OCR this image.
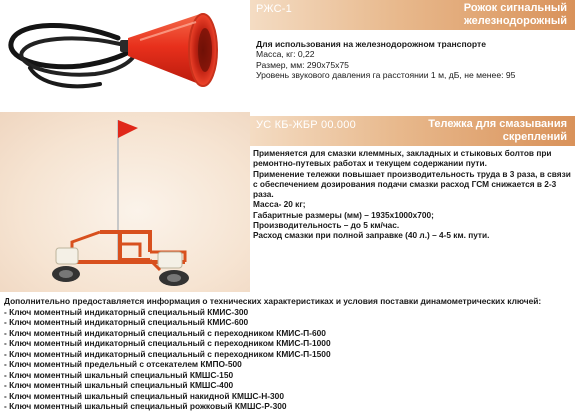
РЖС-1	Рожок сигнальный
железнодорожный
Для использования на железнодорожном транспорте
Масса, кг: 0,22
Размер, мм: 290x75x75
Уровень звукового давления га расстоянии 1 м, дБ, не менее: 95
УС КБ-ЖБР 00.000	Тележка для смазывания
скреплений
Применяется для смазки клеммных, закладных и стыковых болтов при
ремонтно-путевых работах и текущем содержании пути.
Применение тележки повышает производительность труда в 3 раза, в связи
с обеспечением дозирования подачи смазки расход ГСМ снижается в 2-3 раза.
Масса- 20 кг;
Габаритные размеры (мм) – 1935х1000х700;
Производительность – до 5 км/час.
Расход смазки при полной заправке (40 л.) – 4-5 км. пути.
Дополнительно предоставляется информация о технических характеристиках и условия поставки динамометрических ключей:
- Ключ моментный индикаторный специальный КМИС-300
- Ключ моментный индикаторный специальный КМИС-600
- Ключ моментный индикаторный специальный с переходником КМИС-П-600
- Ключ моментный индикаторный специальный с переходником КМИС-П-1000
- Ключ моментный индикаторный специальный с переходником КМИС-П-1500
- Ключ моментный предельный с отсекателем КМПО-500
- Ключ моментный шкальный специальный КМШС-150
- Ключ моментный шкальный специальный КМШС-400
- Ключ моментный шкальный специальный накидной КМШС-Н-300
- Ключ моментный шкальный специальный рожковый КМШС-Р-300
